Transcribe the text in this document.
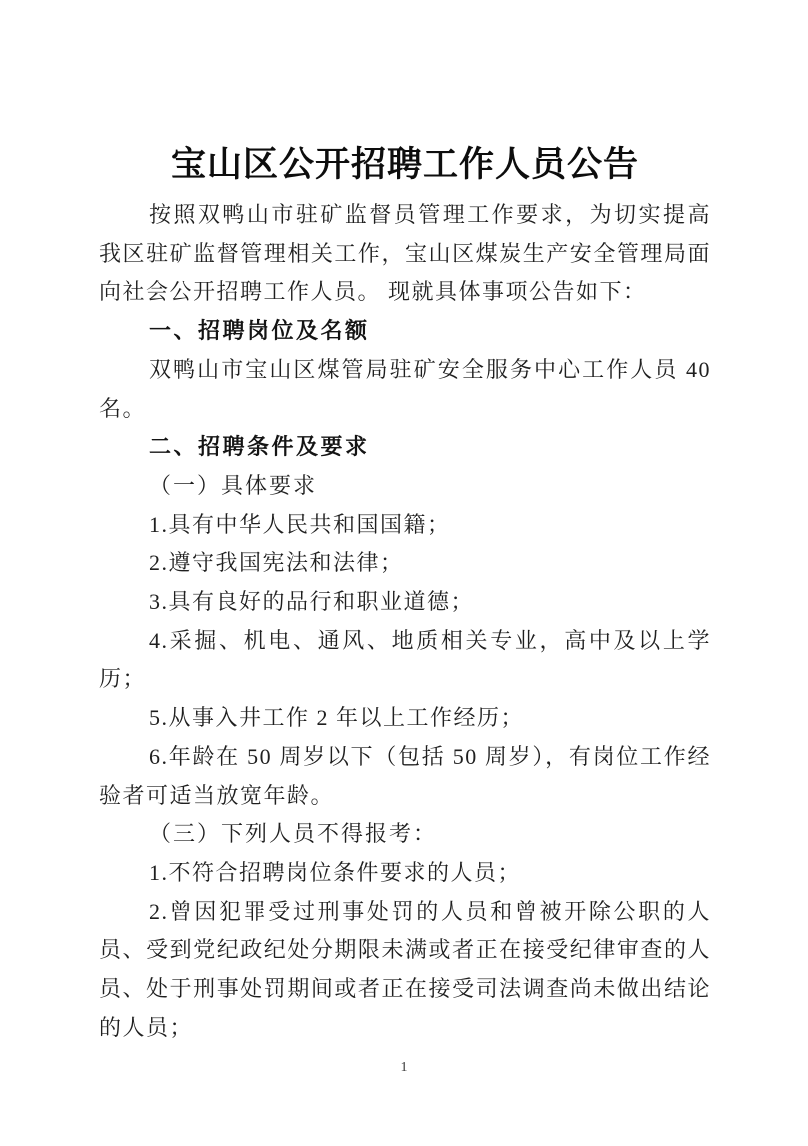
宝山区公开招聘工作人员公告

按照双鸭山市驻矿监督员管理工作要求，为切实提高我区驻矿监督管理相关工作，宝山区煤炭生产安全管理局面向社会公开招聘工作人员。 现就具体事项公告如下：

一、招聘岗位及名额

双鸭山市宝山区煤管局驻矿安全服务中心工作人员 40 名。

二、招聘条件及要求

（一）具体要求

1.具有中华人民共和国国籍；

2.遵守我国宪法和法律；

3.具有良好的品行和职业道德；

4.采掘、机电、通风、地质相关专业，高中及以上学历；

5.从事入井工作 2 年以上工作经历；

6.年龄在 50 周岁以下（包括 50 周岁），有岗位工作经验者可适当放宽年龄。

（三）下列人员不得报考：

1.不符合招聘岗位条件要求的人员；

2.曾因犯罪受过刑事处罚的人员和曾被开除公职的人员、受到党纪政纪处分期限未满或者正在接受纪律审查的人员、处于刑事处罚期间或者正在接受司法调查尚未做出结论的人员；

1
